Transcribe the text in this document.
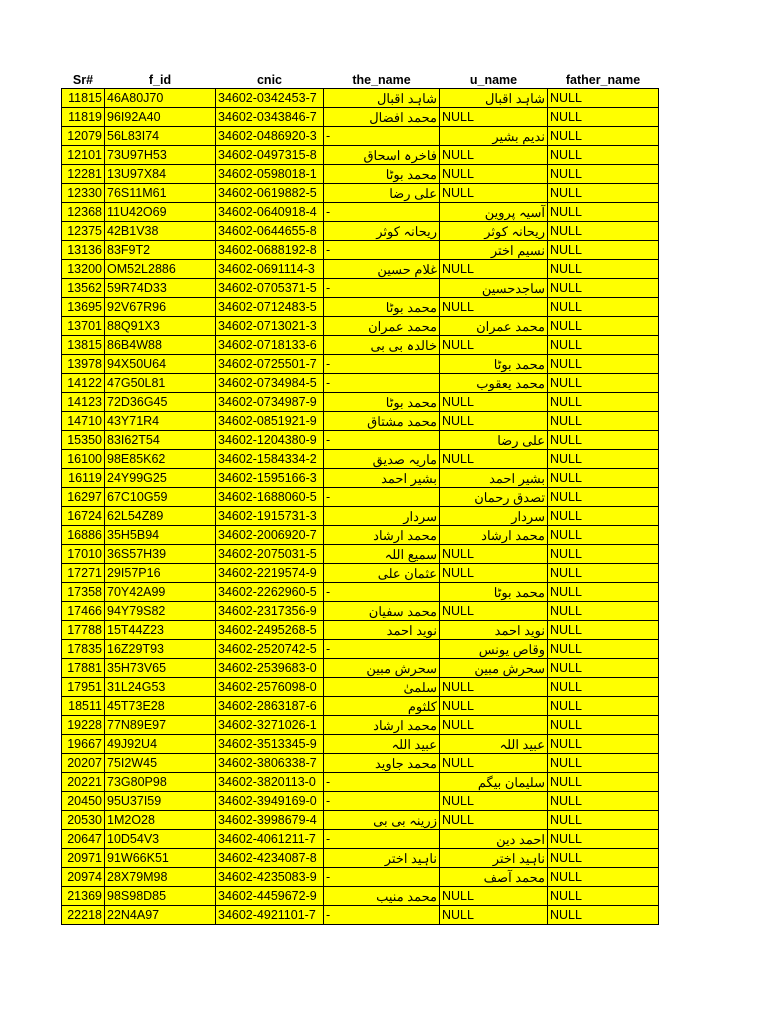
Sr#	f_id	cnic	the_name	u_name	father_name
11815	46A80J70	34602-0342453-7	شاہد اقبال	شاہد اقبال	NULL
11819	96I92A40	34602-0343846-7	محمد افضال	NULL	NULL
12079	56L83I74	34602-0486920-3	-	ندیم بشیر	NULL
12101	73U97H53	34602-0497315-8	فاخرہ اسحاق	NULL	NULL
12281	13U97X84	34602-0598018-1	محمد بوٹا	NULL	NULL
12330	76S11M61	34602-0619882-5	علی رضا	NULL	NULL
12368	11U42O69	34602-0640918-4	-	آسیہ پروین	NULL
12375	42B1V38	34602-0644655-8	ریحانہ کوثر	ریحانہ کوثر	NULL
13136	83F9T2	34602-0688192-8	-	نسیم اختر	NULL
13200	OM52L2886	34602-0691114-3	غلام حسین	NULL	NULL
13562	59R74D33	34602-0705371-5	-	ساجدحسین	NULL
13695	92V67R96	34602-0712483-5	محمد بوٹا	NULL	NULL
13701	88Q91X3	34602-0713021-3	محمد عمران	محمد عمران	NULL
13815	86B4W88	34602-0718133-6	خالدہ بی بی	NULL	NULL
13978	94X50U64	34602-0725501-7	-	محمد بوٹا	NULL
14122	47G50L81	34602-0734984-5	-	محمد یعقوب	NULL
14123	72D36G45	34602-0734987-9	محمد بوٹا	NULL	NULL
14710	43Y71R4	34602-0851921-9	محمد مشتاق	NULL	NULL
15350	83I62T54	34602-1204380-9	-	علی رضا	NULL
16100	98E85K62	34602-1584334-2	ماریہ صدیق	NULL	NULL
16119	24Y99G25	34602-1595166-3	بشیر احمد	بشیر احمد	NULL
16297	67C10G59	34602-1688060-5	-	تصدق رحمان	NULL
16724	62L54Z89	34602-1915731-3	سردار	سردار	NULL
16886	35H5B94	34602-2006920-7	محمد ارشاد	محمد ارشاد	NULL
17010	36S57H39	34602-2075031-5	سمیع اللہ	NULL	NULL
17271	29I57P16	34602-2219574-9	عثمان علی	NULL	NULL
17358	70Y42A99	34602-2262960-5	-	محمد بوٹا	NULL
17466	94Y79S82	34602-2317356-9	محمد سفیان	NULL	NULL
17788	15T44Z23	34602-2495268-5	نوید احمد	نوید احمد	NULL
17835	16Z29T93	34602-2520742-5	-	وقاص یونس	NULL
17881	35H73V65	34602-2539683-0	سحرش مبین	سحرش مبین	NULL
17951	31L24G53	34602-2576098-0	سلمیٰ	NULL	NULL
18511	45T73E28	34602-2863187-6	کلثوم	NULL	NULL
19228	77N89E97	34602-3271026-1	محمد ارشاد	NULL	NULL
19667	49J92U4	34602-3513345-9	عبید اللہ	عبید اللہ	NULL
20207	75I2W45	34602-3806338-7	محمد جاوید	NULL	NULL
20221	73G80P98	34602-3820113-0	-	سلیمان بیگم	NULL
20450	95U37I59	34602-3949169-0	-	NULL	NULL
20530	1M2O28	34602-3998679-4	زرینہ بی بی	NULL	NULL
20647	10D54V3	34602-4061211-7	-	احمد دین	NULL
20971	91W66K51	34602-4234087-8	ناہید اختر	ناہید اختر	NULL
20974	28X79M98	34602-4235083-9	-	محمد آصف	NULL
21369	98S98D85	34602-4459672-9	محمد منیب	NULL	NULL
22218	22N4A97	34602-4921101-7	-	NULL	NULL
